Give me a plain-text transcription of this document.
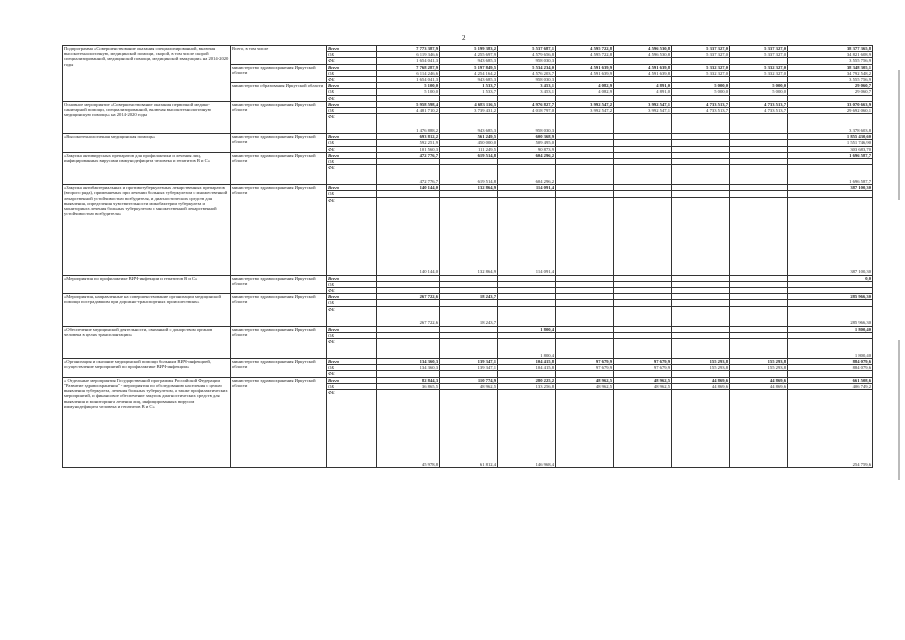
2
Подпрограмма «Совершенствование оказания специализированной, включая высокотехнологичную, медицинской помощи, скорой, в том числе скорой специализированной, медицинской помощи, медицинской эвакуации» на 2014-2020 годы	Всего, в том числе	Всего	7 773 387,9	5 199 383,2	5 537 687,1	4 595 722,8	4 596 530,8	5 337 327,0	5 337 327,0	38 377 365,8
		ОБ	6 119 346,6	4 255 697,9	4 579 656,8	4 595 722,8	4 596 530,8	5 337 327,0	5 337 327,0	34 821 608,9
		ФБ	1 654 041,3	943 685,3	958 030,3					3 555 756,9
	министерство здравоохранения Иркутской области	Всего	7 768 287,9	5 197 849,5	5 534 234,0	4 591 639,9	4 591 639,8	5 332 327,0	5 332 327,0	38 348 305,1
		ОБ	6 114 246,6	4 254 164,2	4 576 203,7	4 591 639,9	4 591 639,8	5 332 327,0	5 332 327,0	34 792 548,2
		ФБ	1 654 041,3	943 685,3	958 030,3					3 555 756,9
	министерство образования Иркутской области	Всего	5 100,0	1 533,7	3 453,1	4 082,9	4 891,0	5 000,0	5 000,0	29 060,7
		ОБ	5 100,0	1 533,7	3 453,1	4 082,9	4 891,0	5 000,0	5 000,0	29 060,7
		ФБ								
Основное мероприятие «Совершенствование оказания первичной медико-санитарной помощи, специализированной, включая высокотехнологичную медицинскую помощь» на 2014-2020 годы	министерство здравоохранения Иркутской области	Всего	5 958 598,4	4 683 116,5	4 976 827,7	3 992 547,2	3 992 547,1	4 733 513,7	4 733 513,7	33 070 663,9
		ОБ	4 481 710,2	3 739 431,2	4 018 797,0	3 992 547,2	3 992 547,1	4 733 513,7	4 733 513,7	29 692 060,1
		ФБ	1 476 888,2	943 685,3	958 030,3					3 378 603,8
«Высокотехнологичная медицинская помощь»	министерство здравоохранения Иркутской области	Всего	693 812,2	561 249,5	600 368,9					1 855 430,60
		ОБ	592 251,9	450 000,0	509 495,0					1 551 746,90
		ФБ	101 560,3	111 249,5	90 873,9					303 683,70
«Закупка антивирусных препаратов для профилактики и лечения лиц, инфицированных вирусами иммунодефицита человека и гепатитов В и С»	министерство здравоохранения Иркутской области	Всего	472 776,7	619 514,8	604 296,2					1 696 587,7
		ОБ								
		ФБ	472 776,7	619 514,8	604 296,2					1 696 587,7
«Закупка антибактериальных и противотуберкулезных лекарственных препаратов (второго ряда), применяемых при лечении больных туберкулезом с множественной лекарственной устойчивостью возбудителя, и диагностических средств для выявления, определения чувствительности микобактерии туберкулеза и мониторинга лечения больных туберкулезом с множественной лекарственной устойчивостью возбудителя»	министерство здравоохранения Иркутской области	Всего	140 144,0	132 864,9	114 091,4					387 100,30
		ОБ								
		ФБ	140 144,0	132 864,9	114 091,4					387 100,30
«Мероприятия по профилактике ВИЧ-инфекции и гепатитов В и С»	министерство здравоохранения Иркутской области	Всего								0,0
		ОБ								
		ФБ								
«Мероприятия, направленные на совершенствование организации медицинской помощи пострадавшим при дорожно-транспортных происшествиях»	министерство здравоохранения Иркутской области	Всего	267 722,6	18 243,7						285 966,30
		ОБ								
		ФБ	267 722,6	18 243,7						285 966,30
«Обеспечение медицинской деятельности, связанной с донорством органов человека в целях трансплантации»	министерство здравоохранения Иркутской области	Всего			1 800,4					1 800,40
		ОБ								
		ФБ			1 800,4					1 800,40
«Организация и оказание медицинской помощи больным ВИЧ-инфекцией, осуществление мероприятий по профилактике ВИЧ-инфекции»	министерство здравоохранения Иркутской области	Всего	134 360,3	139 347,1	104 415,8	97 679,9	97 679,9	155 293,8	155 293,8	884 079,6
		ОБ	134 360,3	139 347,1	104 415,8	97 679,9	97 679,9	155 293,8	155 293,8	884 079,6
		ФБ								
« Отдельные мероприятия Государственной программы Российской Федерации "Развитие здравоохранения" - мероприятия по обследованию населения с целью выявления туберкулеза, лечения больных туберкулезом, а также профилактических мероприятий, и финансовое обеспечение закупок диагностических средств для выявления и мониторинга лечения лиц, инфицированных вирусом иммунодефицита человека и гепатитов В и С»	министерство здравоохранения Иркутской области	Всего	82 844,3	110 774,9	280 225,2	48 962,5	48 962,5	44 869,6	44 869,6	661 508,6
		ОБ	36 865,5	48 962,5	133 256,8	48 962,5	48 962,5	44 869,6	44 869,6	406 749,2
		ФБ	45 978,8	61 812,4	146 968,4					254 759,6
